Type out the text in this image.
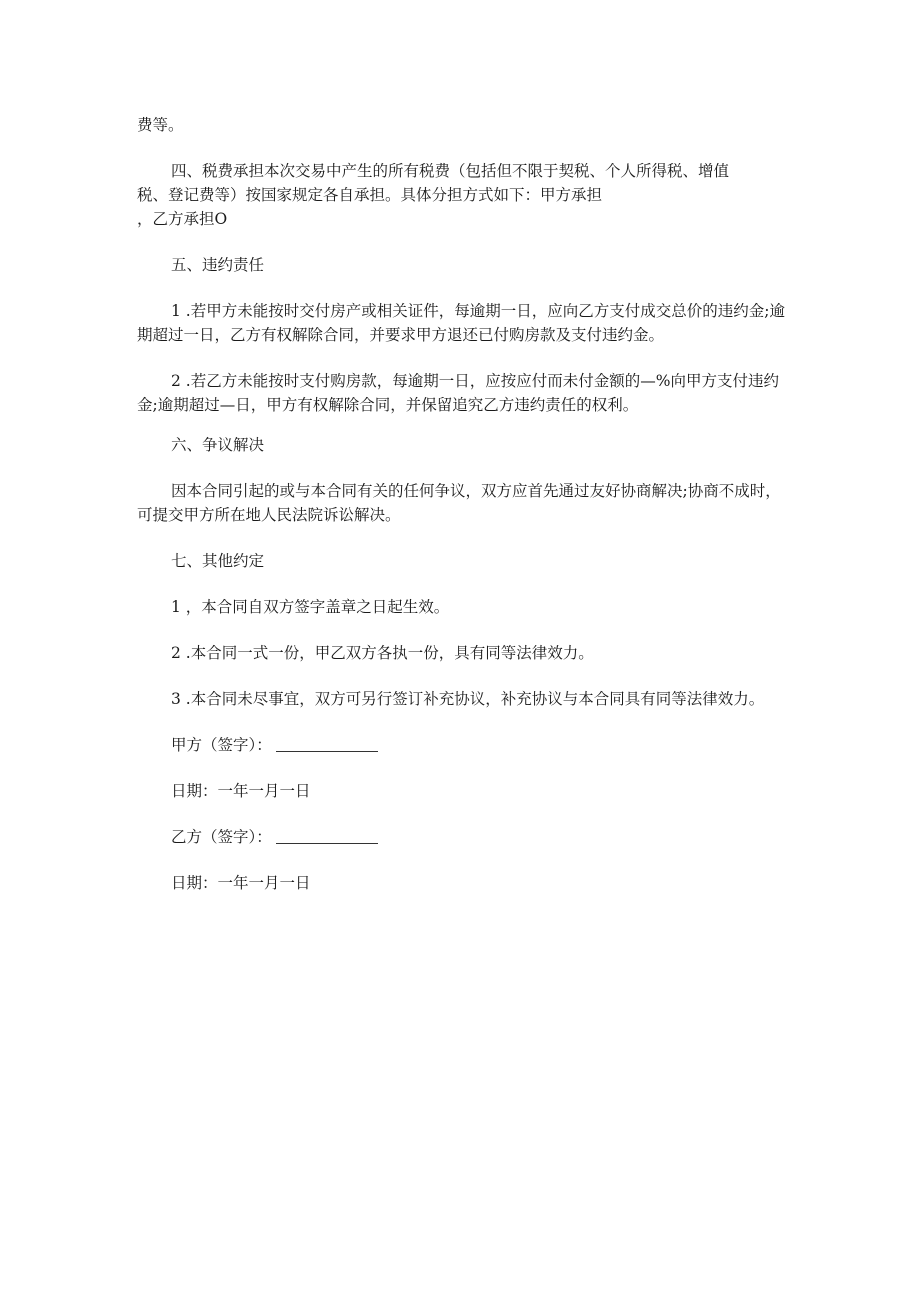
费等。

四、税费承担本次交易中产生的所有税费（包括但不限于契税、个人所得税、增值

税、登记费等）按国家规定各自承担。具体分担方式如下：甲方承担

，乙方承担O

五、违约责任

1 .若甲方未能按时交付房产或相关证件，每逾期一日，应向乙方支付成交总价的违约金;逾期超过一日，乙方有权解除合同，并要求甲方退还已付购房款及支付违约金。

2 .若乙方未能按时支付购房款，每逾期一日，应按应付而未付金额的—%向甲方支付违约金;逾期超过—日，甲方有权解除合同，并保留追究乙方违约责任的权利。

六、争议解决

因本合同引起的或与本合同有关的任何争议，双方应首先通过友好协商解决;协商不成时，可提交甲方所在地人民法院诉讼解决。

七、其他约定

1 ，本合同自双方签字盖章之日起生效。

2 .本合同一式一份，甲乙双方各执一份，具有同等法律效力。

3 .本合同未尽事宜，双方可另行签订补充协议，补充协议与本合同具有同等法律效力。

甲方（签字）：

日期：一年一月一日

乙方（签字）：

日期：一年一月一日
